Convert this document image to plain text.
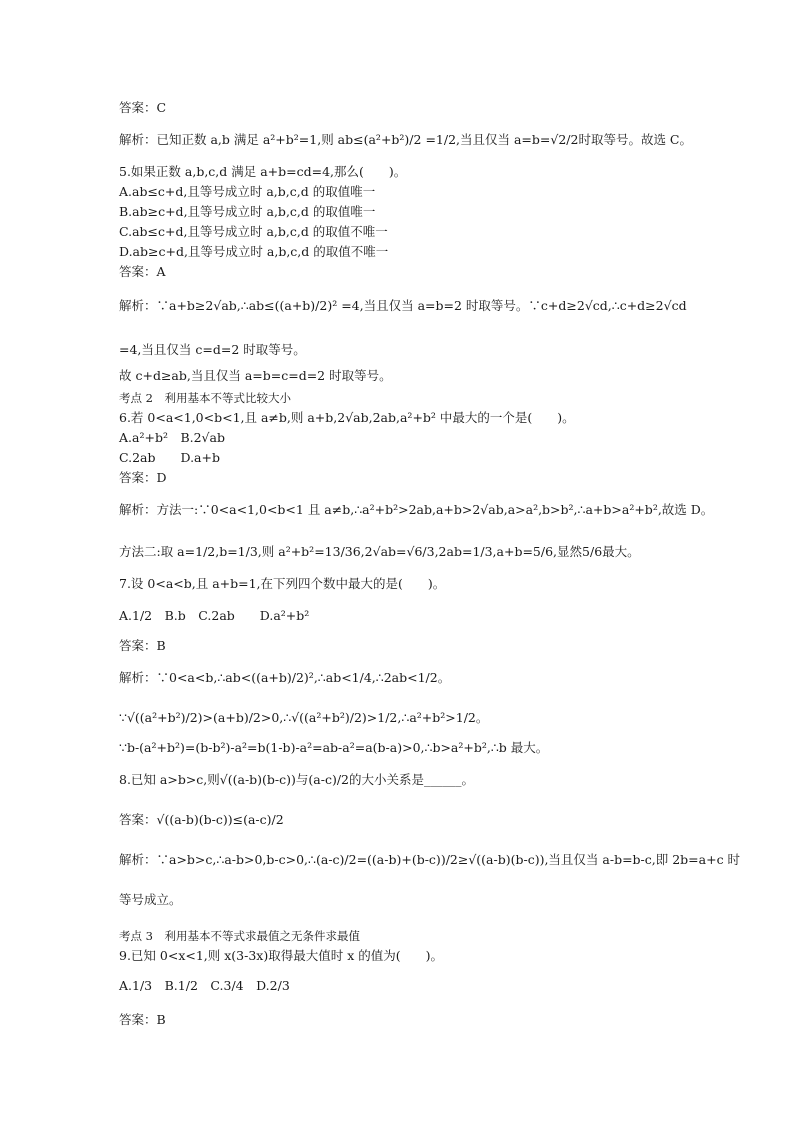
答案：C
解析：已知正数 a,b 满足 a²+b²=1,则 ab≤(a²+b²)/2 =1/2,当且仅当 a=b=√2/2时取等号。故选 C。
5.如果正数 a,b,c,d 满足 a+b=cd=4,那么(　　)。
A.ab≤c+d,且等号成立时 a,b,c,d 的取值唯一
B.ab≥c+d,且等号成立时 a,b,c,d 的取值唯一
C.ab≤c+d,且等号成立时 a,b,c,d 的取值不唯一
D.ab≥c+d,且等号成立时 a,b,c,d 的取值不唯一
答案：A
解析：∵a+b≥2√ab,∴ab≤((a+b)/2)² =4,当且仅当 a=b=2 时取等号。∵c+d≥2√cd,∴c+d≥2√cd
=4,当且仅当 c=d=2 时取等号。
故 c+d≥ab,当且仅当 a=b=c=d=2 时取等号。
考点 2　利用基本不等式比较大小
6.若 0<a<1,0<b<1,且 a≠b,则 a+b,2√ab,2ab,a²+b² 中最大的一个是(　　)。
A.a²+b²　B.2√ab
C.2ab　　D.a+b
答案：D
解析：方法一:∵0<a<1,0<b<1 且 a≠b,∴a²+b²>2ab,a+b>2√ab,a>a²,b>b²,∴a+b>a²+b²,故选 D。
方法二:取 a=1/2,b=1/3,则 a²+b²=13/36,2√ab=√6/3,2ab=1/3,a+b=5/6,显然5/6最大。
7.设 0<a<b,且 a+b=1,在下列四个数中最大的是(　　)。
A.1/2　B.b　C.2ab　　D.a²+b²
答案：B
解析：∵0<a<b,∴ab<((a+b)/2)²,∴ab<1/4,∴2ab<1/2。
∵√((a²+b²)/2)>(a+b)/2>0,∴√((a²+b²)/2)>1/2,∴a²+b²>1/2。
∵b-(a²+b²)=(b-b²)-a²=b(1-b)-a²=ab-a²=a(b-a)>0,∴b>a²+b²,∴b 最大。
8.已知 a>b>c,则√((a-b)(b-c))与(a-c)/2的大小关系是______。
答案：√((a-b)(b-c))≤(a-c)/2
解析：∵a>b>c,∴a-b>0,b-c>0,∴(a-c)/2=((a-b)+(b-c))/2≥√((a-b)(b-c)),当且仅当 a-b=b-c,即 2b=a+c 时
等号成立。
考点 3　利用基本不等式求最值之无条件求最值
9.已知 0<x<1,则 x(3-3x)取得最大值时 x 的值为(　　)。
A.1/3　B.1/2　C.3/4　D.2/3
答案：B
